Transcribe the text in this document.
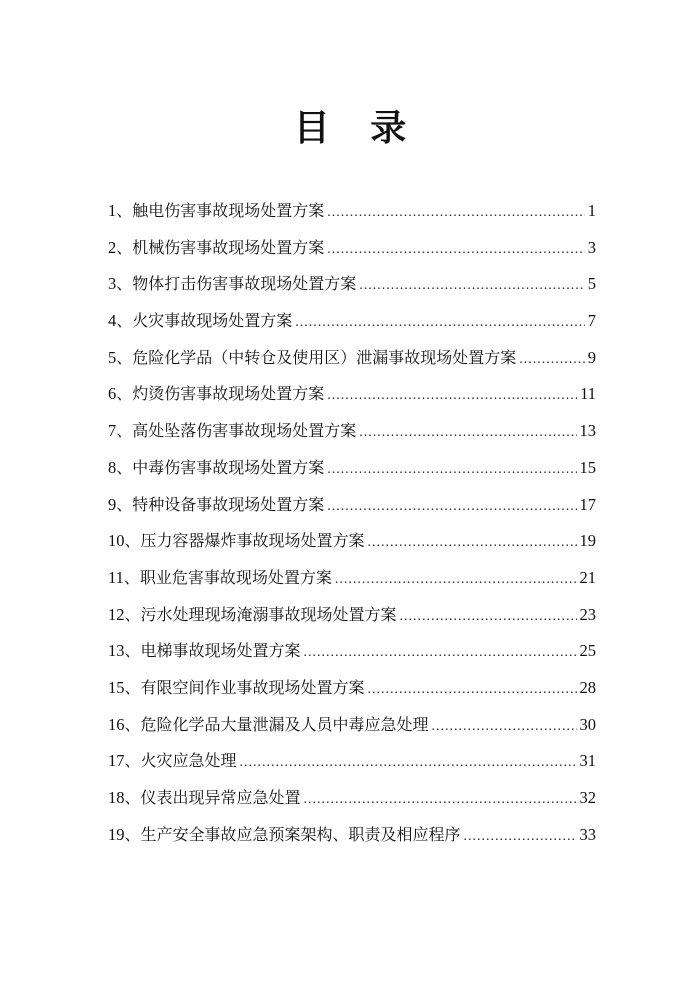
目 录
1、触电伤害事故现场处置方案 .....	1
2、机械伤害事故现场处置方案 .....	3
3、物体打击伤害事故现场处置方案 .....	5
4、火灾事故现场处置方案 .....	7
5、危险化学品（中转仓及使用区）泄漏事故现场处置方案 .....	9
6、灼烫伤害事故现场处置方案 .....	11
7、高处坠落伤害事故现场处置方案 .....	13
8、中毒伤害事故现场处置方案 .....	15
9、特种设备事故现场处置方案 .....	17
10、压力容器爆炸事故现场处置方案 .....	19
11、职业危害事故现场处置方案 .....	21
12、污水处理现场淹溺事故现场处置方案 .....	23
13、电梯事故现场处置方案 .....	25
15、有限空间作业事故现场处置方案 .....	28
16、危险化学品大量泄漏及人员中毒应急处理 .....	30
17、火灾应急处理 .....	31
18、仪表出现异常应急处置 .....	32
19、生产安全事故应急预案架构、职责及相应程序 .....	33
